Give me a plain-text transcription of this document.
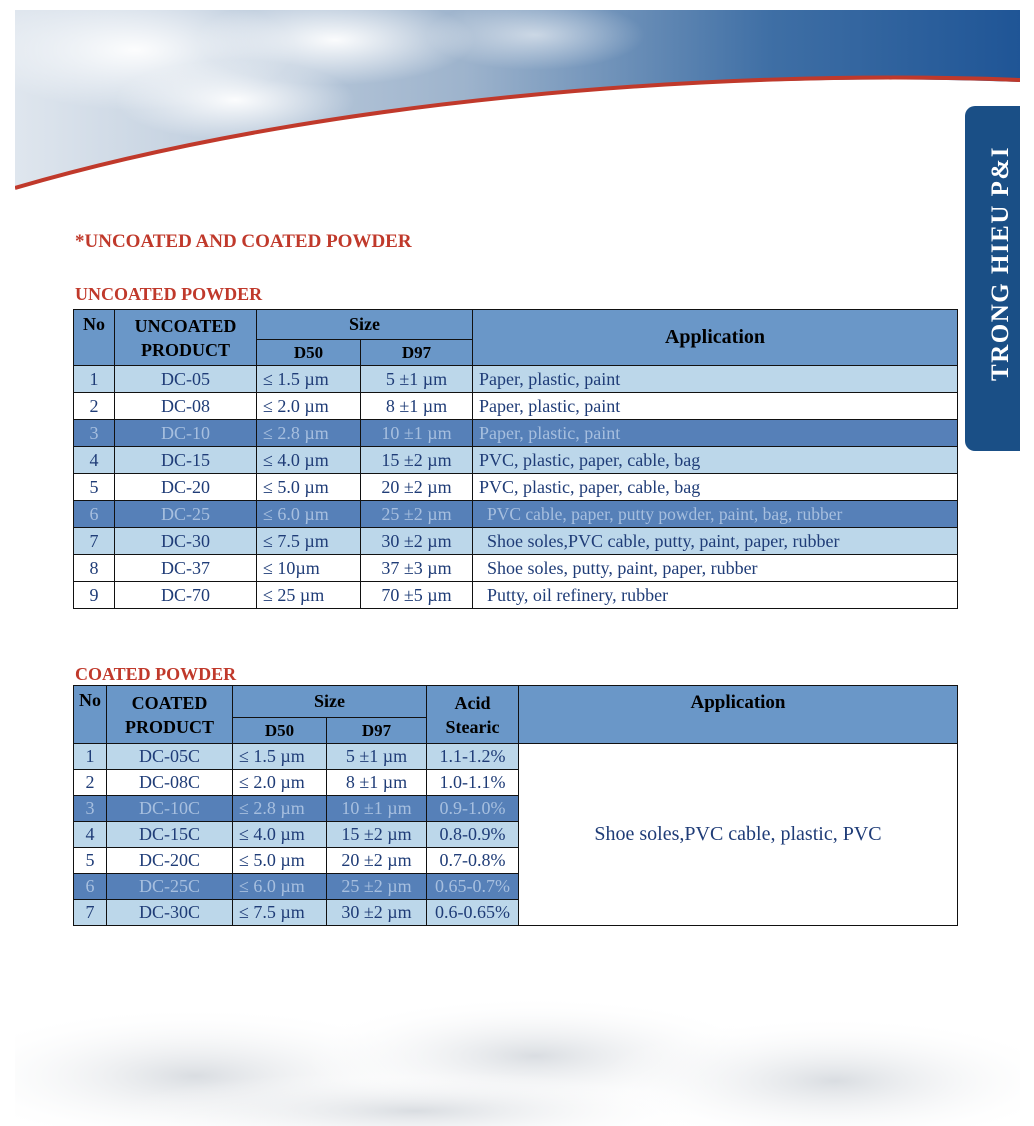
TRONG HIEU P&I
*UNCOATED AND COATED POWDER
UNCOATED POWDER
No	UNCOATED
PRODUCT	Size		Application
		D50	D97	
1	DC-05	≤ 1.5 µm	5 ±1 µm	Paper, plastic, paint
2	DC-08	≤ 2.0 µm	8 ±1 µm	Paper, plastic, paint
3	DC-10	≤ 2.8 µm	10 ±1 µm	Paper, plastic, paint
4	DC-15	≤ 4.0 µm	15 ±2 µm	PVC, plastic, paper, cable, bag
5	DC-20	≤ 5.0 µm	20 ±2 µm	PVC, plastic, paper, cable, bag
6	DC-25	≤ 6.0 µm	25 ±2 µm	PVC cable, paper, putty powder, paint, bag, rubber
7	DC-30	≤ 7.5 µm	30 ±2 µm	Shoe soles,PVC cable, putty, paint, paper, rubber
8	DC-37	≤ 10µm	37 ±3 µm	Shoe soles, putty, paint, paper, rubber
9	DC-70	≤ 25 µm	70 ±5 µm	Putty, oil refinery, rubber
COATED POWDER
No	COATED
PRODUCT	Size		Acid
Stearic	Application
		D50	D97		
1	DC-05C	≤ 1.5 µm	5 ±1 µm	1.1-1.2%	Shoe soles,PVC cable, plastic, PVC
2	DC-08C	≤ 2.0 µm	8 ±1 µm	1.0-1.1%	
3	DC-10C	≤ 2.8 µm	10 ±1 µm	0.9-1.0%	
4	DC-15C	≤ 4.0 µm	15 ±2 µm	0.8-0.9%	
5	DC-20C	≤ 5.0 µm	20 ±2 µm	0.7-0.8%	
6	DC-25C	≤ 6.0 µm	25 ±2 µm	0.65-0.7%	
7	DC-30C	≤ 7.5 µm	30 ±2 µm	0.6-0.65%	
